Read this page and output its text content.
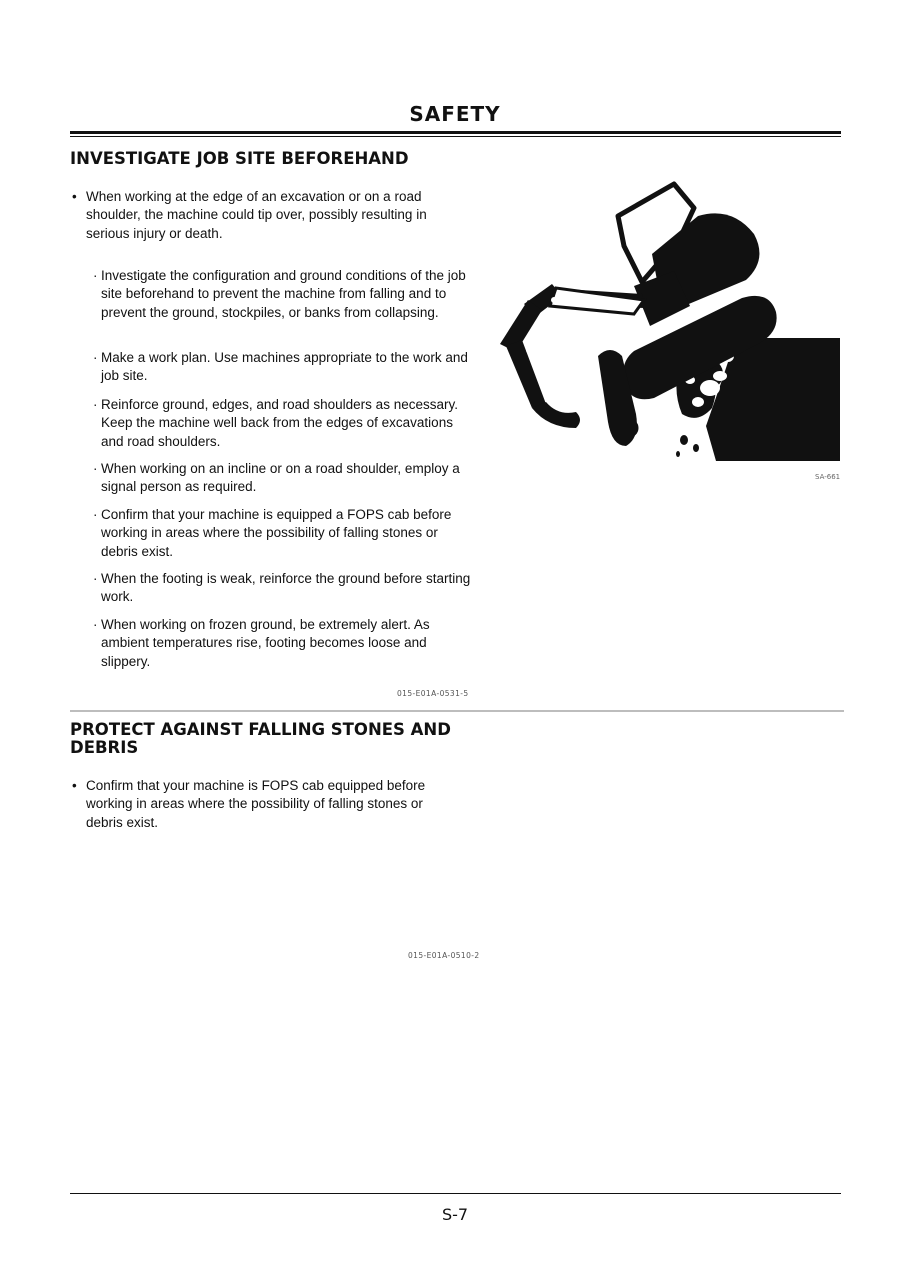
SAFETY
INVESTIGATE JOB SITE BEFOREHAND

• When working at the edge of an excavation or on a road shoulder, the machine could tip over, possibly resulting in serious injury or death.

· Investigate the configuration and ground conditions of the job site beforehand to prevent the machine from falling and to prevent the ground, stockpiles, or banks from collapsing.

· Make a work plan. Use machines appropriate to the work and job site.

· Reinforce ground, edges, and road shoulders as necessary. Keep the machine well back from the edges of excavations and road shoulders.

· When working on an incline or on a road shoulder, employ a signal person as required.

· Confirm that your machine is equipped a FOPS cab before working in areas where the possibility of falling stones or debris exist.

· When the footing is weak, reinforce the ground before starting work.

· When working on frozen ground, be extremely alert. As ambient temperatures rise, footing becomes loose and slippery.

015-E01A-0531-5
SA-661
PROTECT AGAINST FALLING STONES AND DEBRIS

• Confirm that your machine is FOPS cab equipped before working in areas where the possibility of falling stones or debris exist.

015-E01A-0510-2
S-7
